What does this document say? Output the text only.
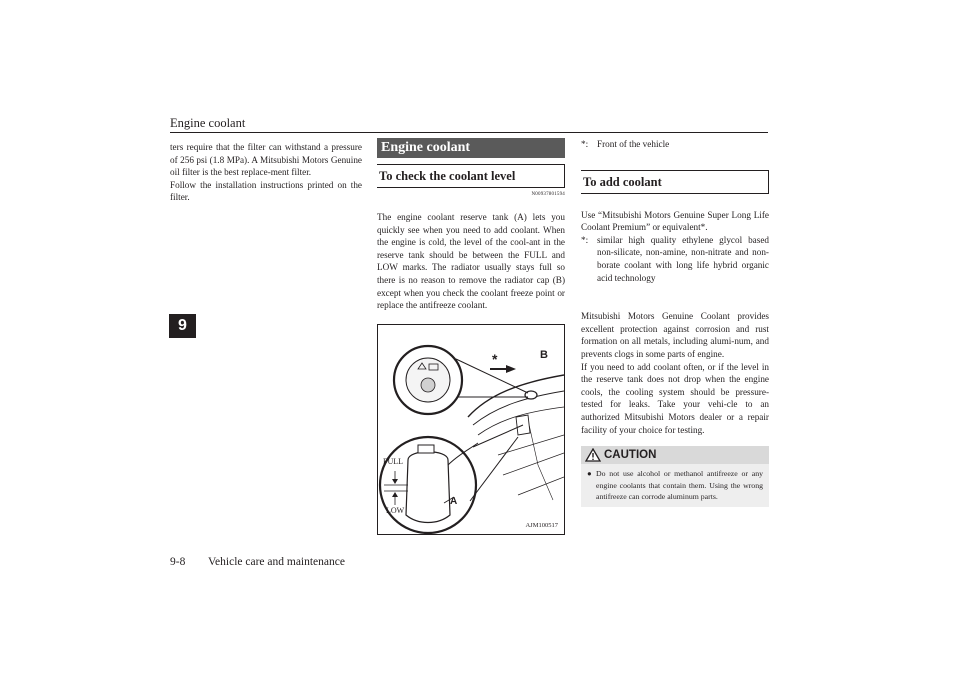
Engine coolant
9

ters require that the filter can withstand a pressure of 256 psi (1.8 MPa). A Mitsubishi Motors Genuine oil filter is the best replace-ment filter.

Follow the installation instructions printed on the filter.

Engine coolant
To check the coolant level
N00937801594

The engine coolant reserve tank (A) lets you quickly see when you need to add coolant. When the engine is cold, the level of the cool-ant in the reserve tank should be between the FULL and LOW marks. The radiator usually stays full so there is no reason to remove the radiator cap (B) except when you check the coolant freeze point or replace the antifreeze coolant.

*	B
FULL
LOW
A
AJM100517
*: Front of the vehicle
To add coolant

Use “Mitsubishi Motors Genuine Super Long Life Coolant Premium” or equivalent*.

*: similar high quality ethylene glycol based non-silicate, non-amine, non-nitrate and non-borate coolant with long life hybrid organic acid technology

Mitsubishi Motors Genuine Coolant provides excellent protection against corrosion and rust formation on all metals, including alumi-num, and prevents clogs in some parts of engine.

If you need to add coolant often, or if the level in the reserve tank does not drop when the engine cools, the cooling system should be pressure-tested for leaks. Take your vehi-cle to an authorized Mitsubishi Motors dealer or a repair facility of your choice for testing.

CAUTION
● Do not use alcohol or methanol antifreeze or any engine coolants that contain them. Using the wrong antifreeze can corrode aluminum parts.
9-8 Vehicle care and maintenance
